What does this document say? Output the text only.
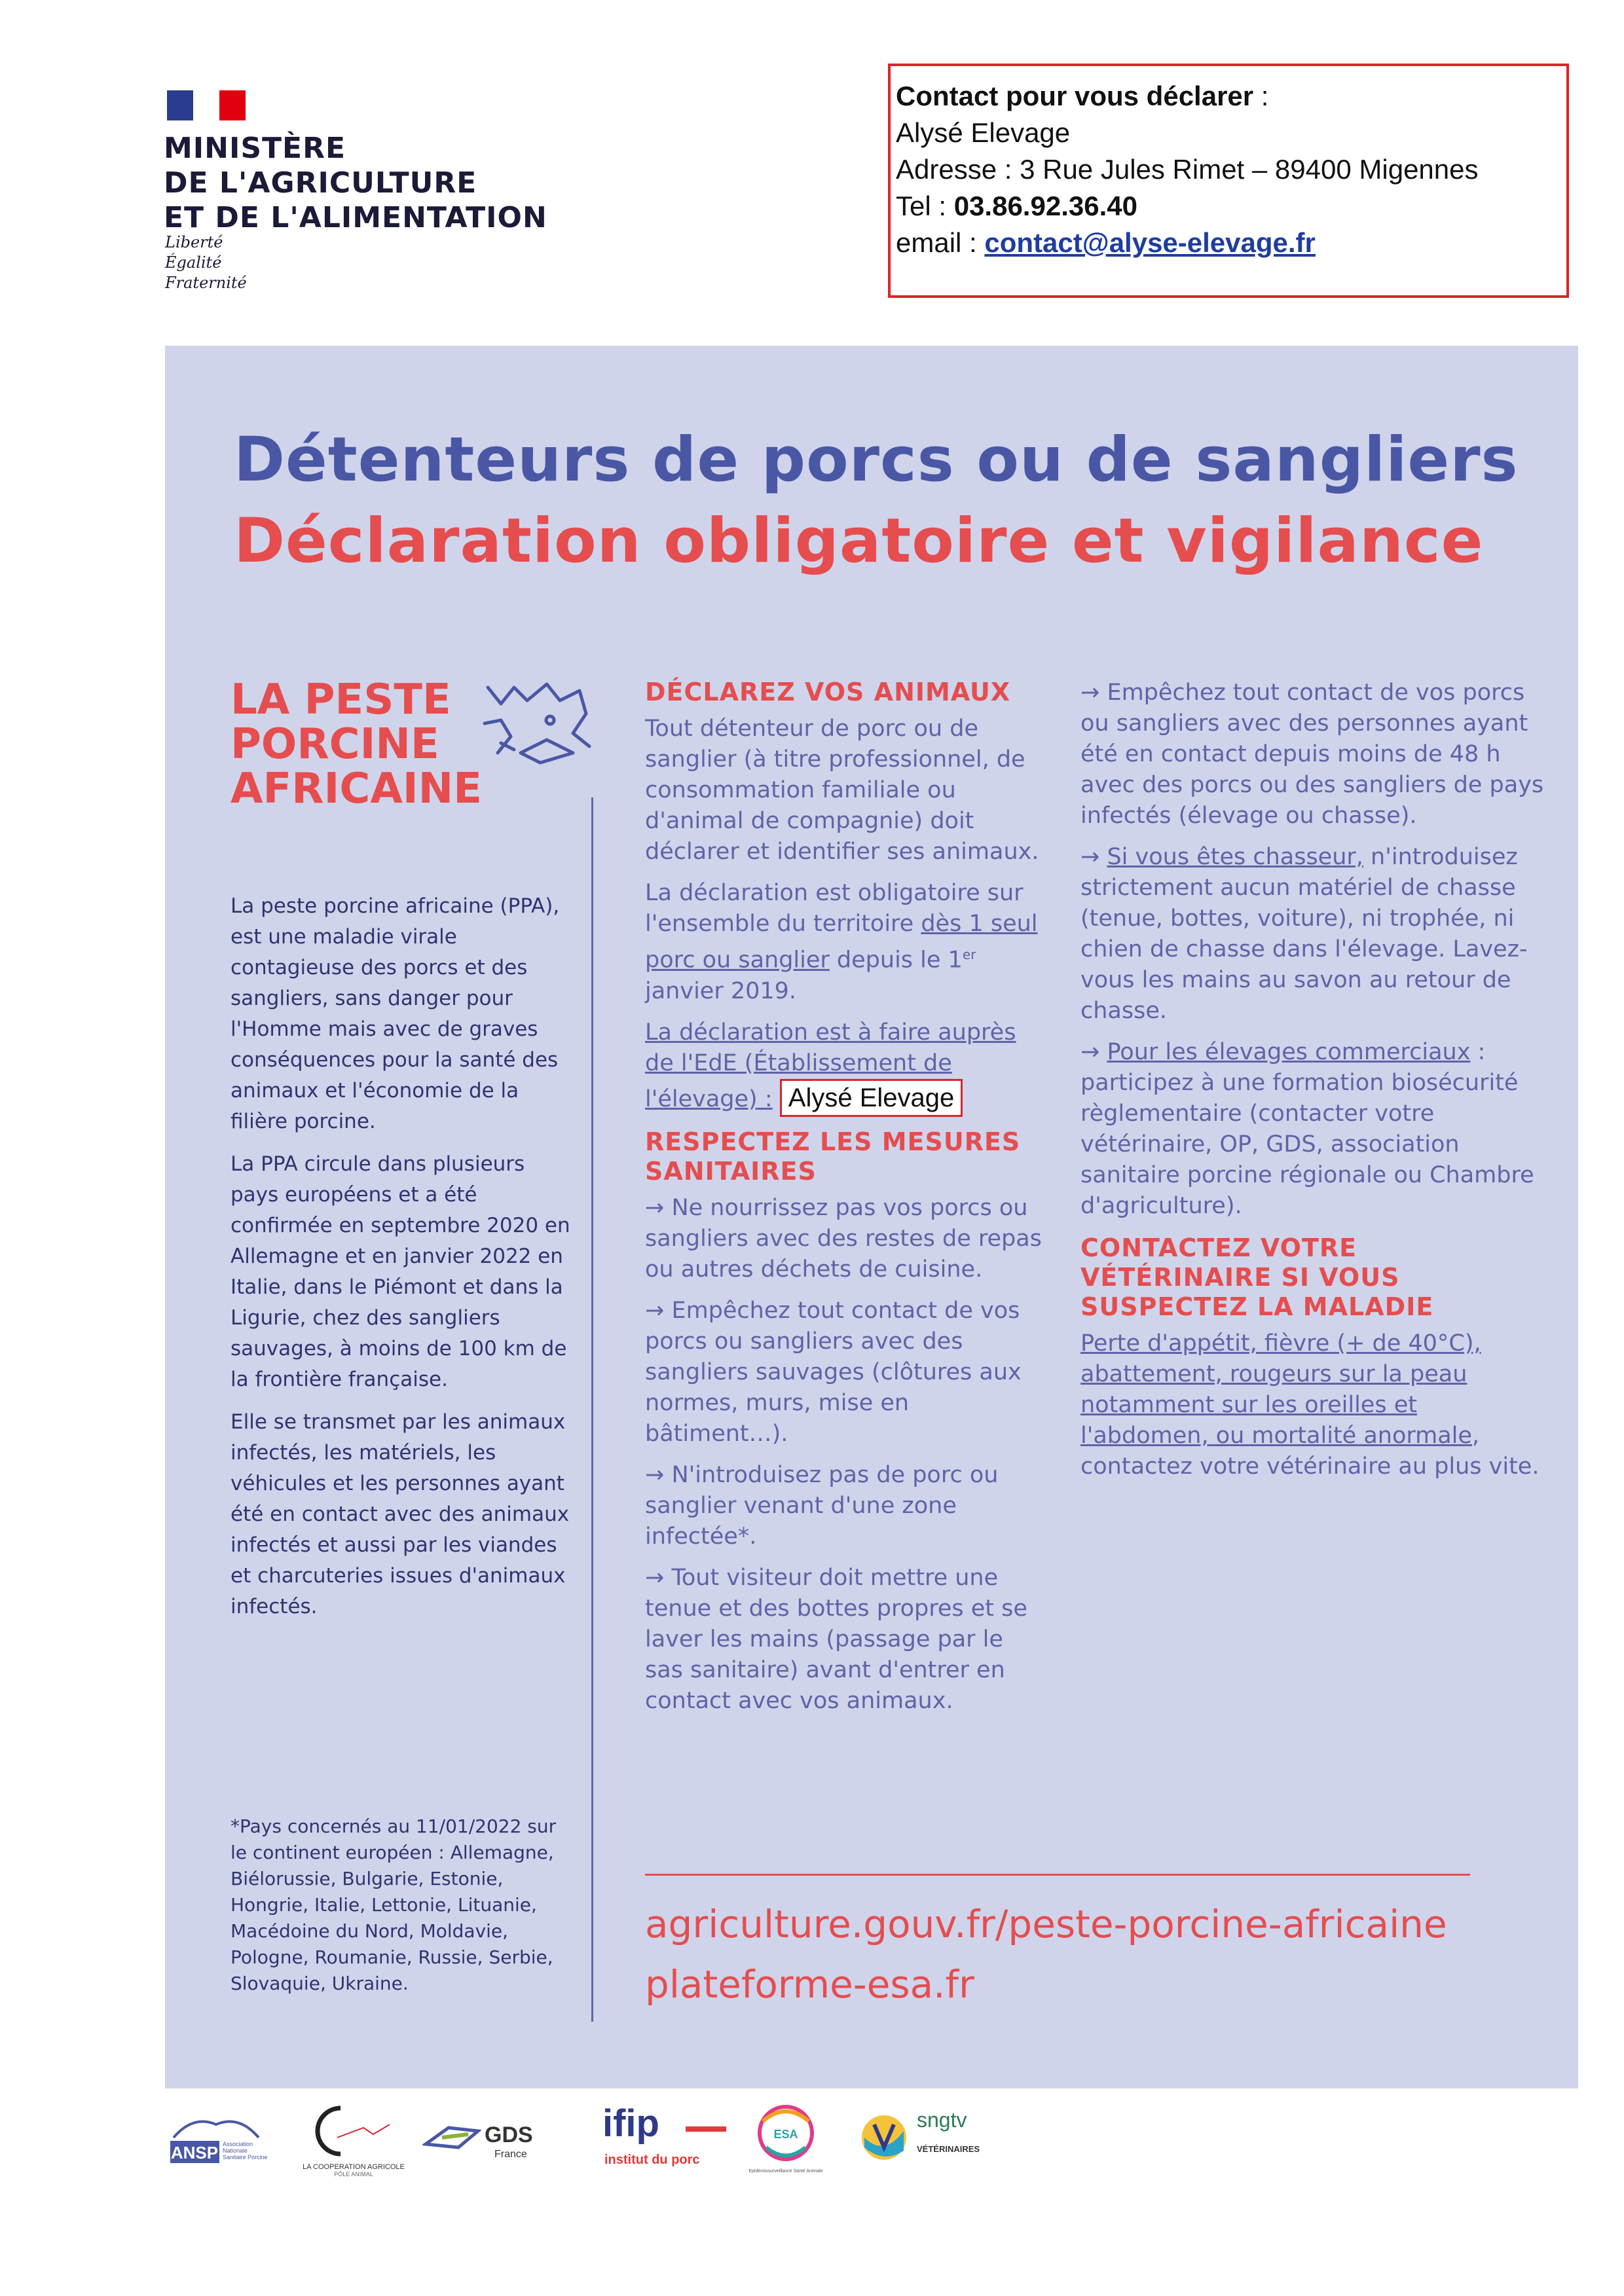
MINISTÈRE
DE L'AGRICULTURE
ET DE L'ALIMENTATION
Liberté
Égalité
Fraternité
Contact pour vous déclarer :
Alysé Elevage
Adresse : 3 Rue Jules Rimet – 89400 Migennes
Tel : 03.86.92.36.40
email : contact@alyse-elevage.fr
Détenteurs de porcs ou de sangliers
Déclaration obligatoire et vigilance
LA PESTE
PORCINE
AFRICAINE

La peste porcine africaine (PPA), est une maladie virale contagieuse des porcs et des sangliers, sans danger pour l'Homme mais avec de graves conséquences pour la santé des animaux et l'économie de la filière porcine.

La PPA circule dans plusieurs pays européens et a été confirmée en septembre 2020 en Allemagne et en janvier 2022 en Italie, dans le Piémont et dans la Ligurie, chez des sangliers sauvages, à moins de 100 km de la frontière française.

Elle se transmet par les animaux infectés, les matériels, les véhicules et les personnes ayant été en contact avec des animaux infectés et aussi par les viandes et charcuteries issues d'animaux infectés.

*Pays concernés au 11/01/2022 sur le continent européen : Allemagne, Biélorussie, Bulgarie, Estonie, Hongrie, Italie, Lettonie, Lituanie, Macédoine du Nord, Moldavie, Pologne, Roumanie, Russie, Serbie, Slovaquie, Ukraine.
DÉCLAREZ VOS ANIMAUX

Tout détenteur de porc ou de sanglier (à titre professionnel, de consommation familiale ou d'animal de compagnie) doit déclarer et identifier ses animaux.

La déclaration est obligatoire sur l'ensemble du territoire dès 1 seul porc ou sanglier depuis le 1er janvier 2019.

La déclaration est à faire auprès de l'EdE (Établissement de l'élevage) : Alysé Elevage

RESPECTEZ LES MESURES SANITAIRES

→ Ne nourrissez pas vos porcs ou sangliers avec des restes de repas ou autres déchets de cuisine.

→ Empêchez tout contact de vos porcs ou sangliers avec des sangliers sauvages (clôtures aux normes, murs, mise en bâtiment…).

→ N'introduisez pas de porc ou sanglier venant d'une zone infectée*.

→ Tout visiteur doit mettre une tenue et des bottes propres et se laver les mains (passage par le sas sanitaire) avant d'entrer en contact avec vos animaux.

→ Empêchez tout contact de vos porcs ou sangliers avec des personnes ayant été en contact depuis moins de 48 h avec des porcs ou des sangliers de pays infectés (élevage ou chasse).

→ Si vous êtes chasseur, n'introduisez strictement aucun matériel de chasse (tenue, bottes, voiture), ni trophée, ni chien de chasse dans l'élevage. Lavez-vous les mains au savon au retour de chasse.

→ Pour les élevages commerciaux : participez à une formation biosécurité règlementaire (contacter votre vétérinaire, OP, GDS, association sanitaire porcine régionale ou Chambre d'agriculture).

CONTACTEZ VOTRE VÉTÉRINAIRE SI VOUS SUSPECTEZ LA MALADIE

Perte d'appétit, fièvre (+ de 40°C), abattement, rougeurs sur la peau notamment sur les oreilles et l'abdomen, ou mortalité anormale, contactez votre vétérinaire au plus vite.

agriculture.gouv.fr/peste-porcine-africaine
plateforme-esa.fr
ANSP Association Nationale Sanitaire Porcine
LA COOPERATION AGRICOLE
PÔLE ANIMAL
GDS
France
ifip
institut du porc
ESA
Epidémiosurveillance Santé Animale
sngtv
VÉTÉRINAIRES
